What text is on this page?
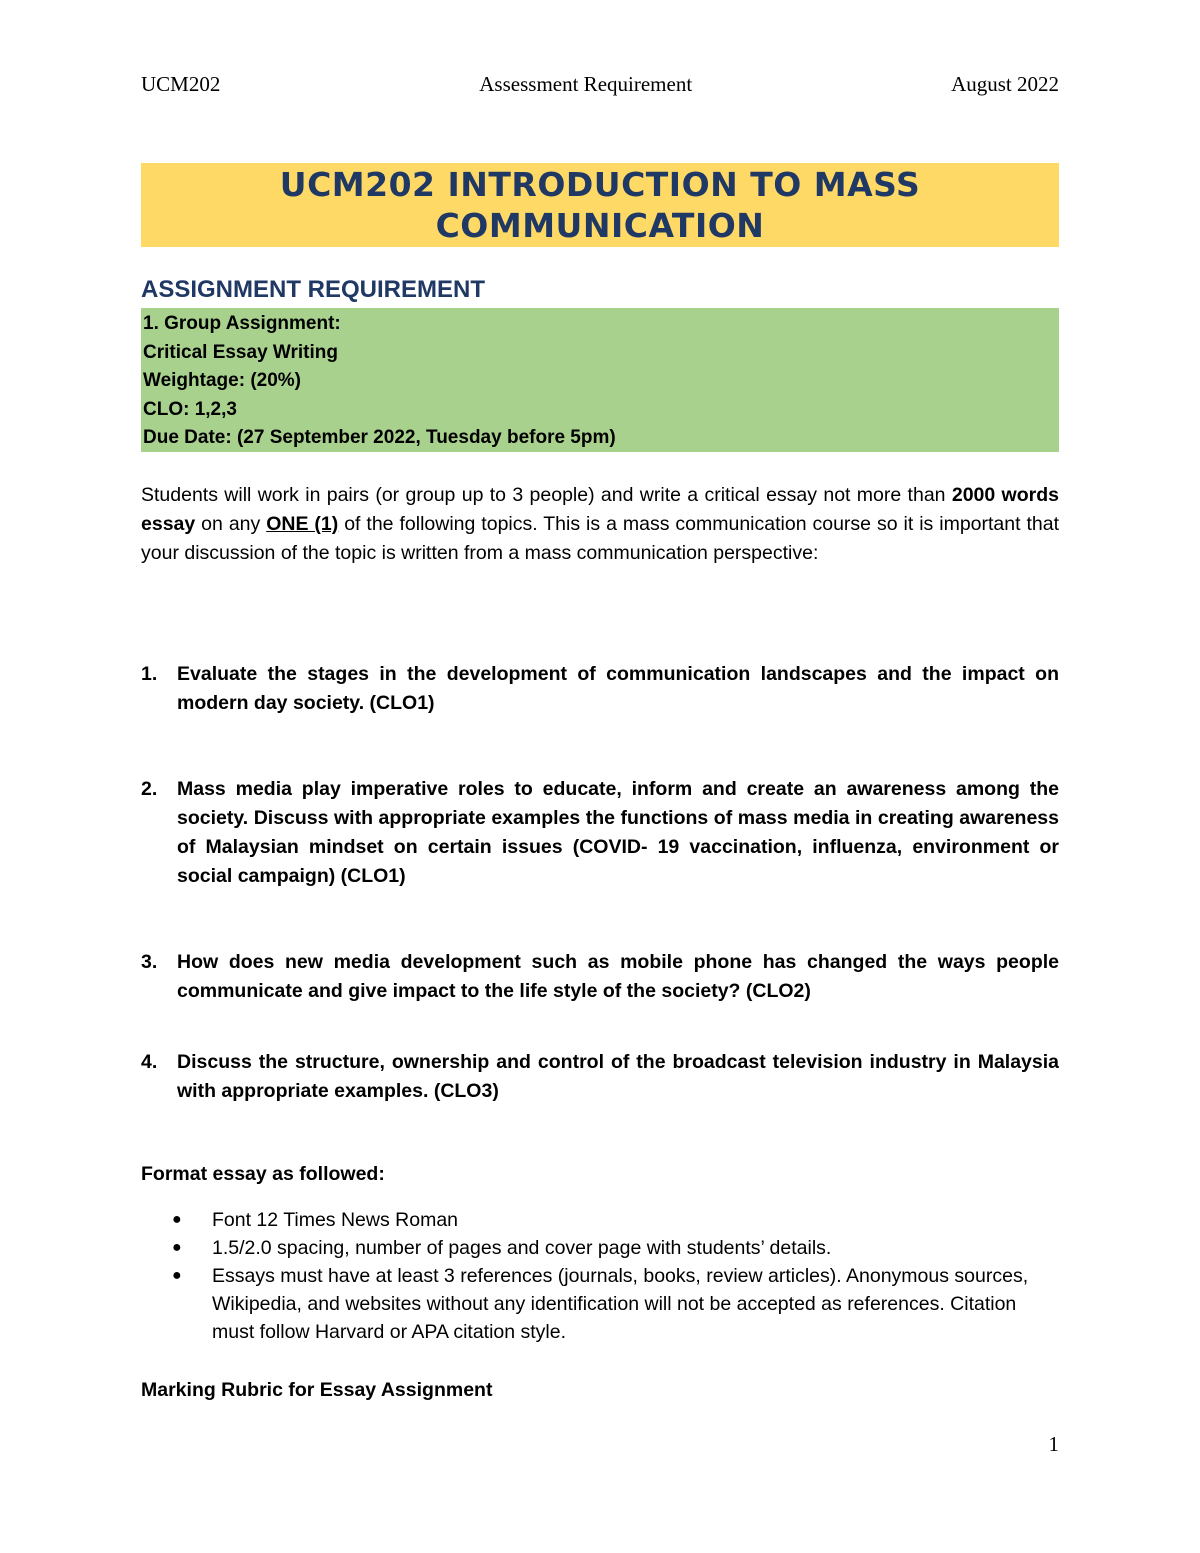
UCM202	Assessment Requirement	August 2022
UCM202 INTRODUCTION TO MASS
COMMUNICATION
ASSIGNMENT REQUIREMENT
1. Group Assignment:
Critical Essay Writing
Weightage: (20%)
CLO: 1,2,3
Due Date: (27 September 2022, Tuesday before 5pm)
Students will work in pairs (or group up to 3 people) and write a critical essay not more than 2000 words essay on any ONE (1) of the following topics. This is a mass communication course so it is important that your discussion of the topic is written from a mass communication perspective:
1. Evaluate the stages in the development of communication landscapes and the impact on modern day society. (CLO1)
2. Mass media play imperative roles to educate, inform and create an awareness among the society. Discuss with appropriate examples the functions of mass media in creating awareness of Malaysian mindset on certain issues (COVID- 19 vaccination, influenza, environment or social campaign) (CLO1)
3. How does new media development such as mobile phone has changed the ways people communicate and give impact to the life style of the society? (CLO2)
4. Discuss the structure, ownership and control of the broadcast television industry in Malaysia with appropriate examples. (CLO3)
Format essay as followed:
● Font 12 Times News Roman
● 1.5/2.0 spacing, number of pages and cover page with students’ details.
● Essays must have at least 3 references (journals, books, review articles). Anonymous sources, Wikipedia, and websites without any identification will not be accepted as references. Citation must follow Harvard or APA citation style.
Marking Rubric for Essay Assignment
1
